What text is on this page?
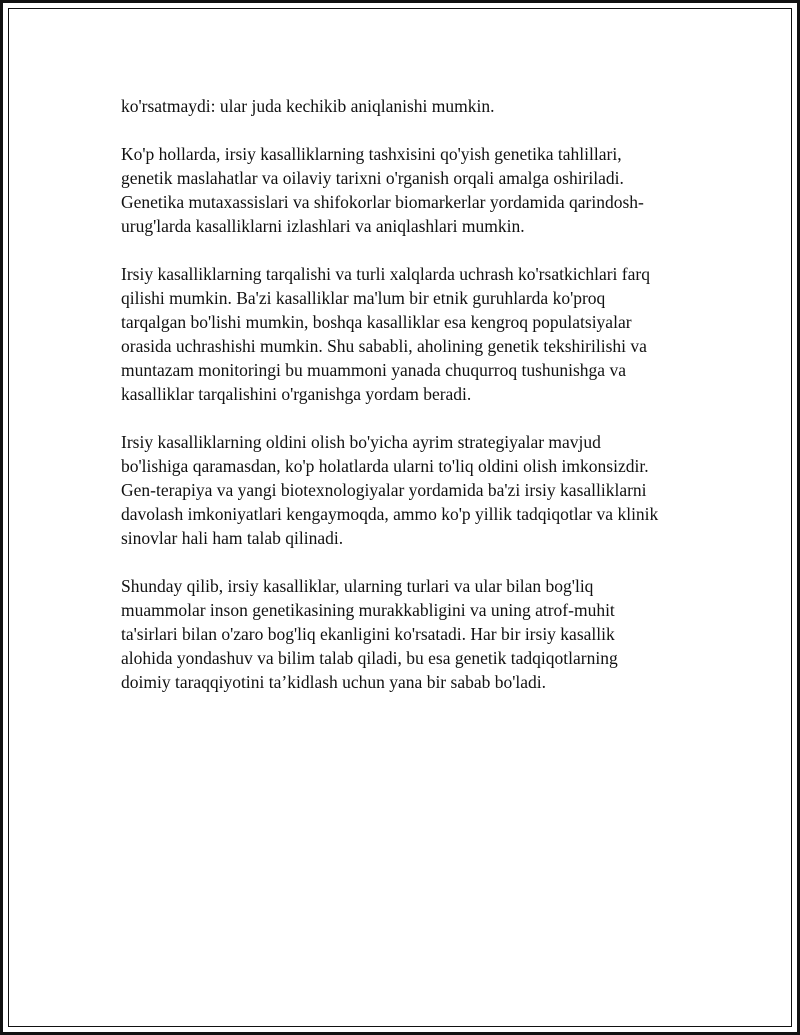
ko'rsatmaydi: ular juda kechikib aniqlanishi mumkin.

Ko'p hollarda, irsiy kasalliklarning tashxisini qo'yish genetika tahlillari,
genetik maslahatlar va oilaviy tarixni o'rganish orqali amalga oshiriladi.
Genetika mutaxassislari va shifokorlar biomarkerlar yordamida qarindosh-
urug'larda kasalliklarni izlashlari va aniqlashlari mumkin.

Irsiy kasalliklarning tarqalishi va turli xalqlarda uchrash ko'rsatkichlari farq
qilishi mumkin. Ba'zi kasalliklar ma'lum bir etnik guruhlarda ko'proq
tarqalgan bo'lishi mumkin, boshqa kasalliklar esa kengroq populatsiyalar
orasida uchrashishi mumkin. Shu sababli, aholining genetik tekshirilishi va
muntazam monitoringi bu muammoni yanada chuqurroq tushunishga va
kasalliklar tarqalishini o'rganishga yordam beradi.

Irsiy kasalliklarning oldini olish bo'yicha ayrim strategiyalar mavjud
bo'lishiga qaramasdan, ko'p holatlarda ularni to'liq oldini olish imkonsizdir.
Gen-terapiya va yangi biotexnologiyalar yordamida ba'zi irsiy kasalliklarni
davolash imkoniyatlari kengaymoqda, ammo ko'p yillik tadqiqotlar va klinik
sinovlar hali ham talab qilinadi.

Shunday qilib, irsiy kasalliklar, ularning turlari va ular bilan bog'liq
muammolar inson genetikasining murakkabligini va uning atrof-muhit
ta'sirlari bilan o'zaro bog'liq ekanligini ko'rsatadi. Har bir irsiy kasallik
alohida yondashuv va bilim talab qiladi, bu esa genetik tadqiqotlarning
doimiy taraqqiyotini ta’kidlash uchun yana bir sabab bo'ladi.
